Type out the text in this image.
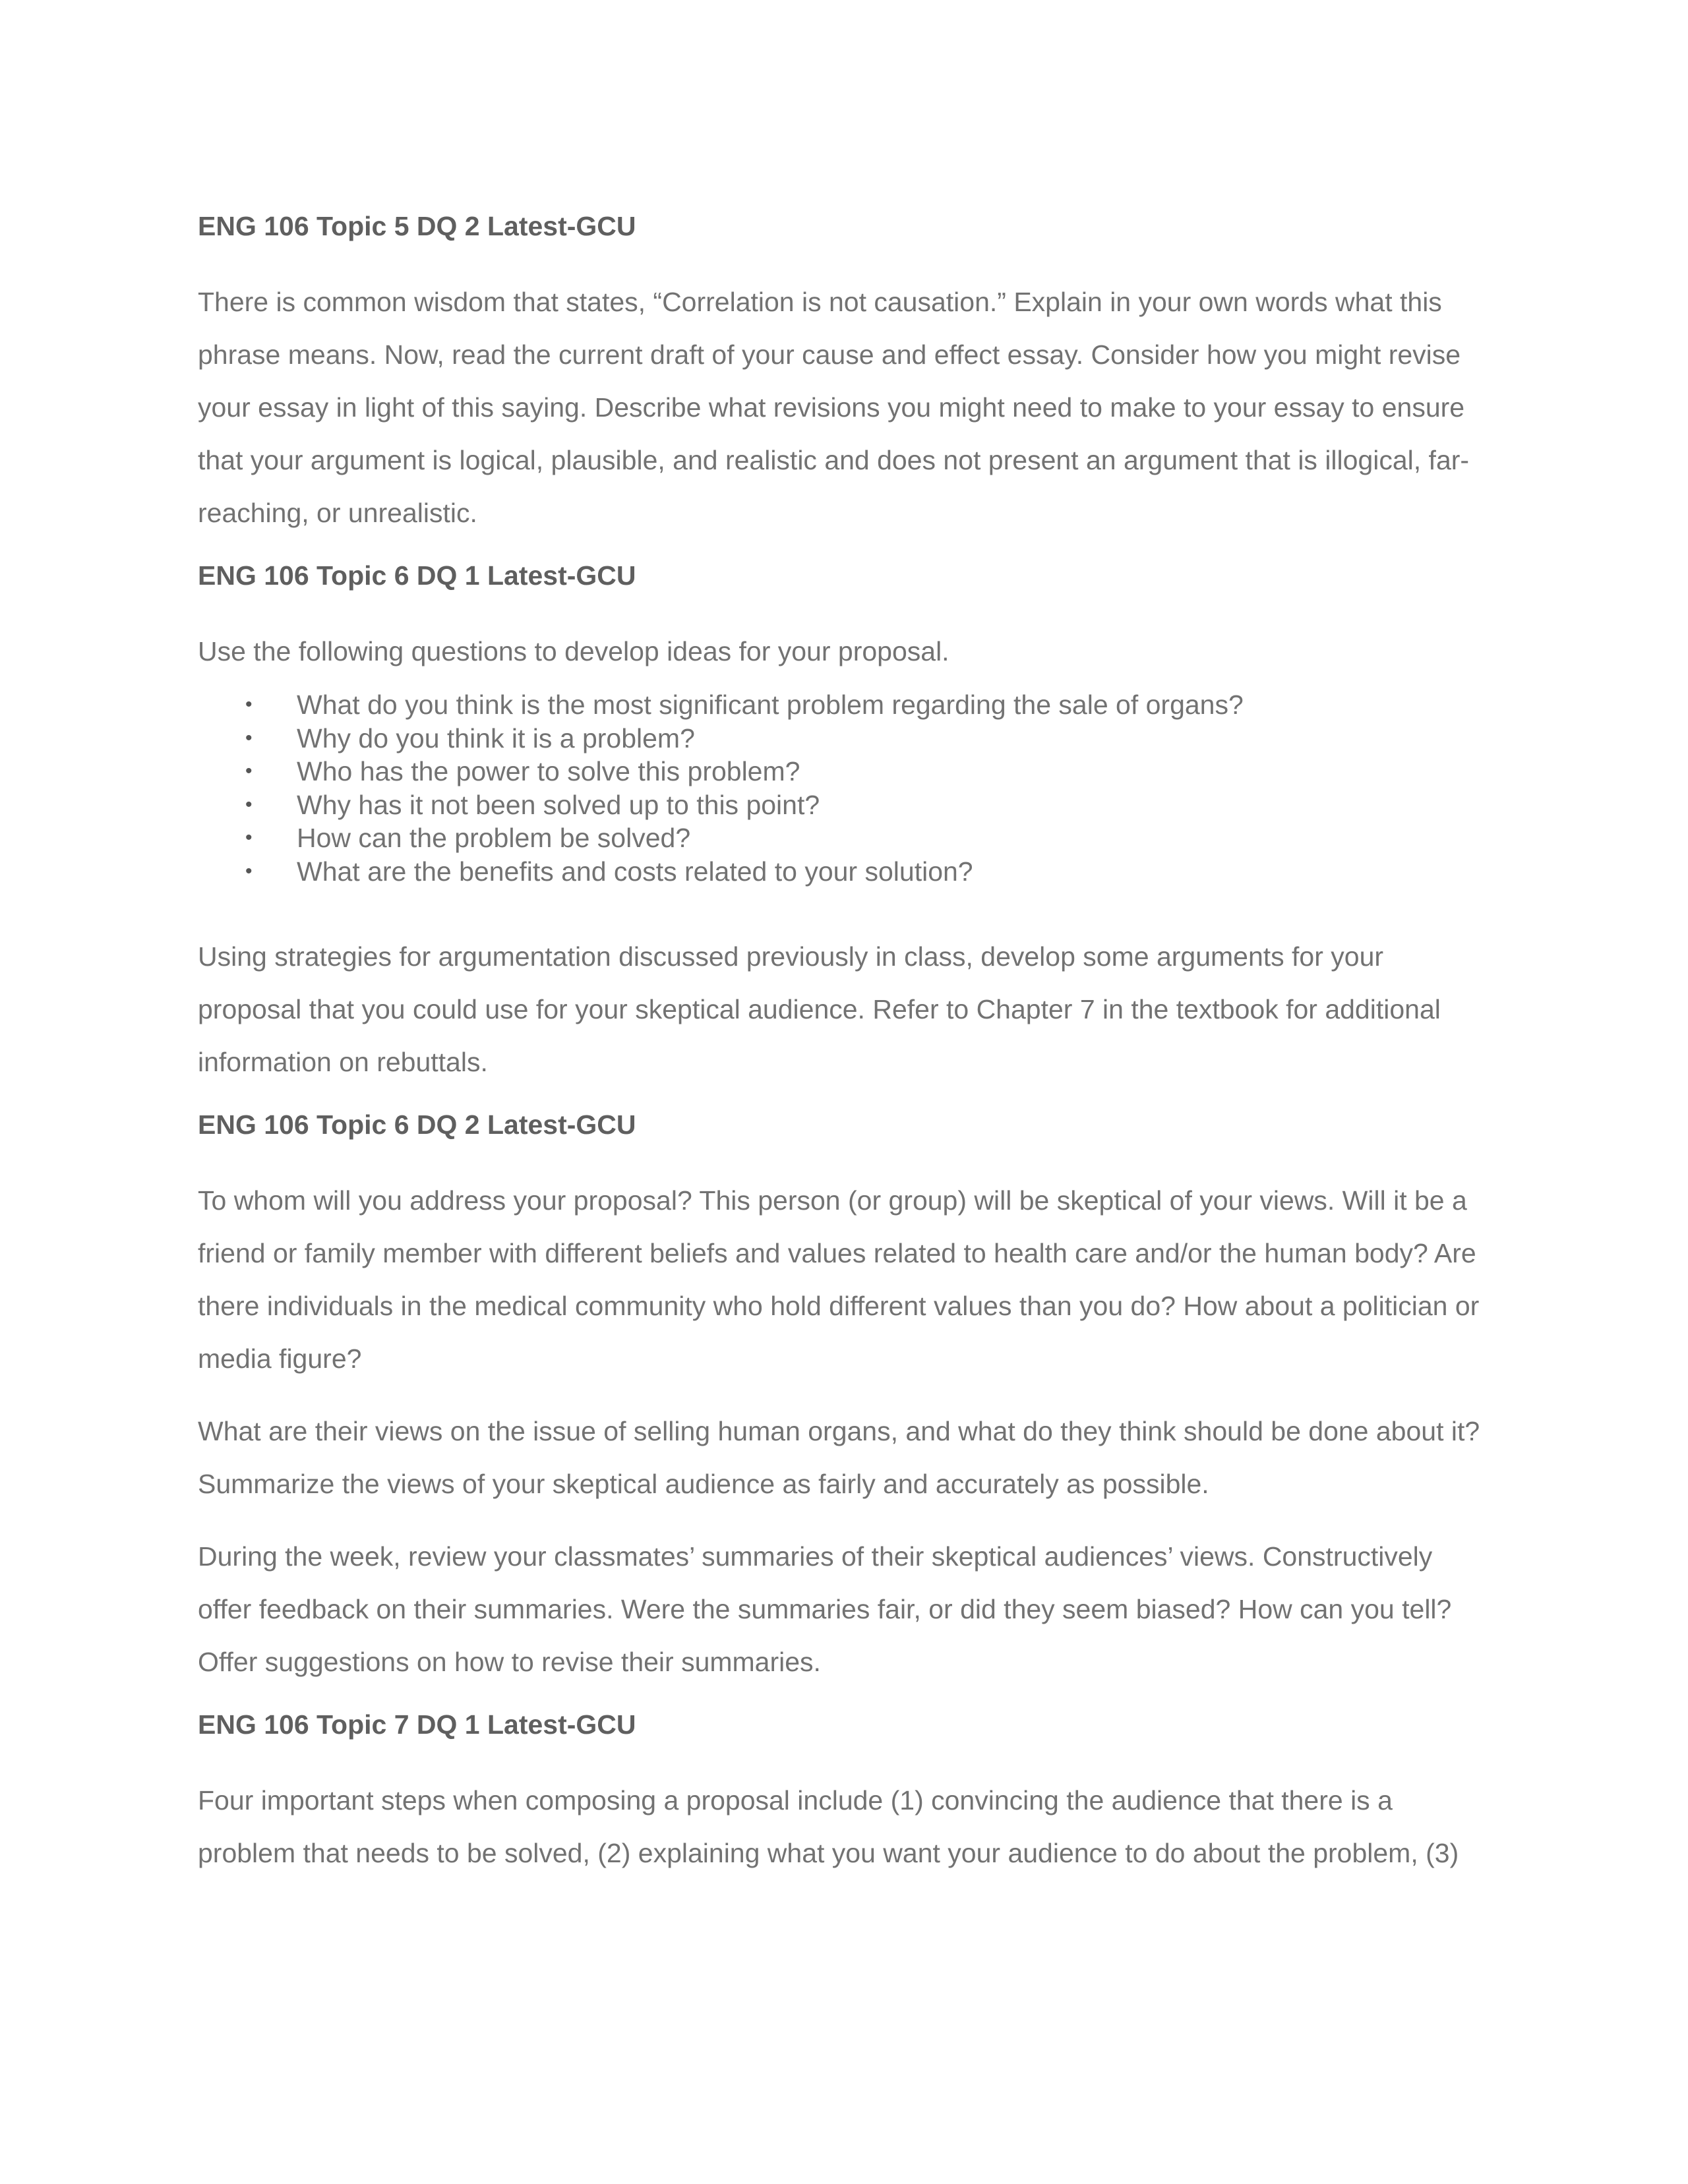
ENG 106 Topic 5 DQ 2 Latest-GCU

There is common wisdom that states, “Correlation is not causation.” Explain in your own words what this phrase means. Now, read the current draft of your cause and effect essay. Consider how you might revise your essay in light of this saying. Describe what revisions you might need to make to your essay to ensure that your argument is logical, plausible, and realistic and does not present an argument that is illogical, far-reaching, or unrealistic.

ENG 106 Topic 6 DQ 1 Latest-GCU

Use the following questions to develop ideas for your proposal.

• What do you think is the most significant problem regarding the sale of organs?
• Why do you think it is a problem?
• Who has the power to solve this problem?
• Why has it not been solved up to this point?
• How can the problem be solved?
• What are the benefits and costs related to your solution?

Using strategies for argumentation discussed previously in class, develop some arguments for your proposal that you could use for your skeptical audience. Refer to Chapter 7 in the textbook for additional information on rebuttals.

ENG 106 Topic 6 DQ 2 Latest-GCU

To whom will you address your proposal? This person (or group) will be skeptical of your views. Will it be a friend or family member with different beliefs and values related to health care and/or the human body? Are there individuals in the medical community who hold different values than you do? How about a politician or media figure?

What are their views on the issue of selling human organs, and what do they think should be done about it? Summarize the views of your skeptical audience as fairly and accurately as possible.

During the week, review your classmates’ summaries of their skeptical audiences’ views. Constructively offer feedback on their summaries. Were the summaries fair, or did they seem biased? How can you tell? Offer suggestions on how to revise their summaries.

ENG 106 Topic 7 DQ 1 Latest-GCU

Four important steps when composing a proposal include (1) convincing the audience that there is a problem that needs to be solved, (2) explaining what you want your audience to do about the problem, (3)
